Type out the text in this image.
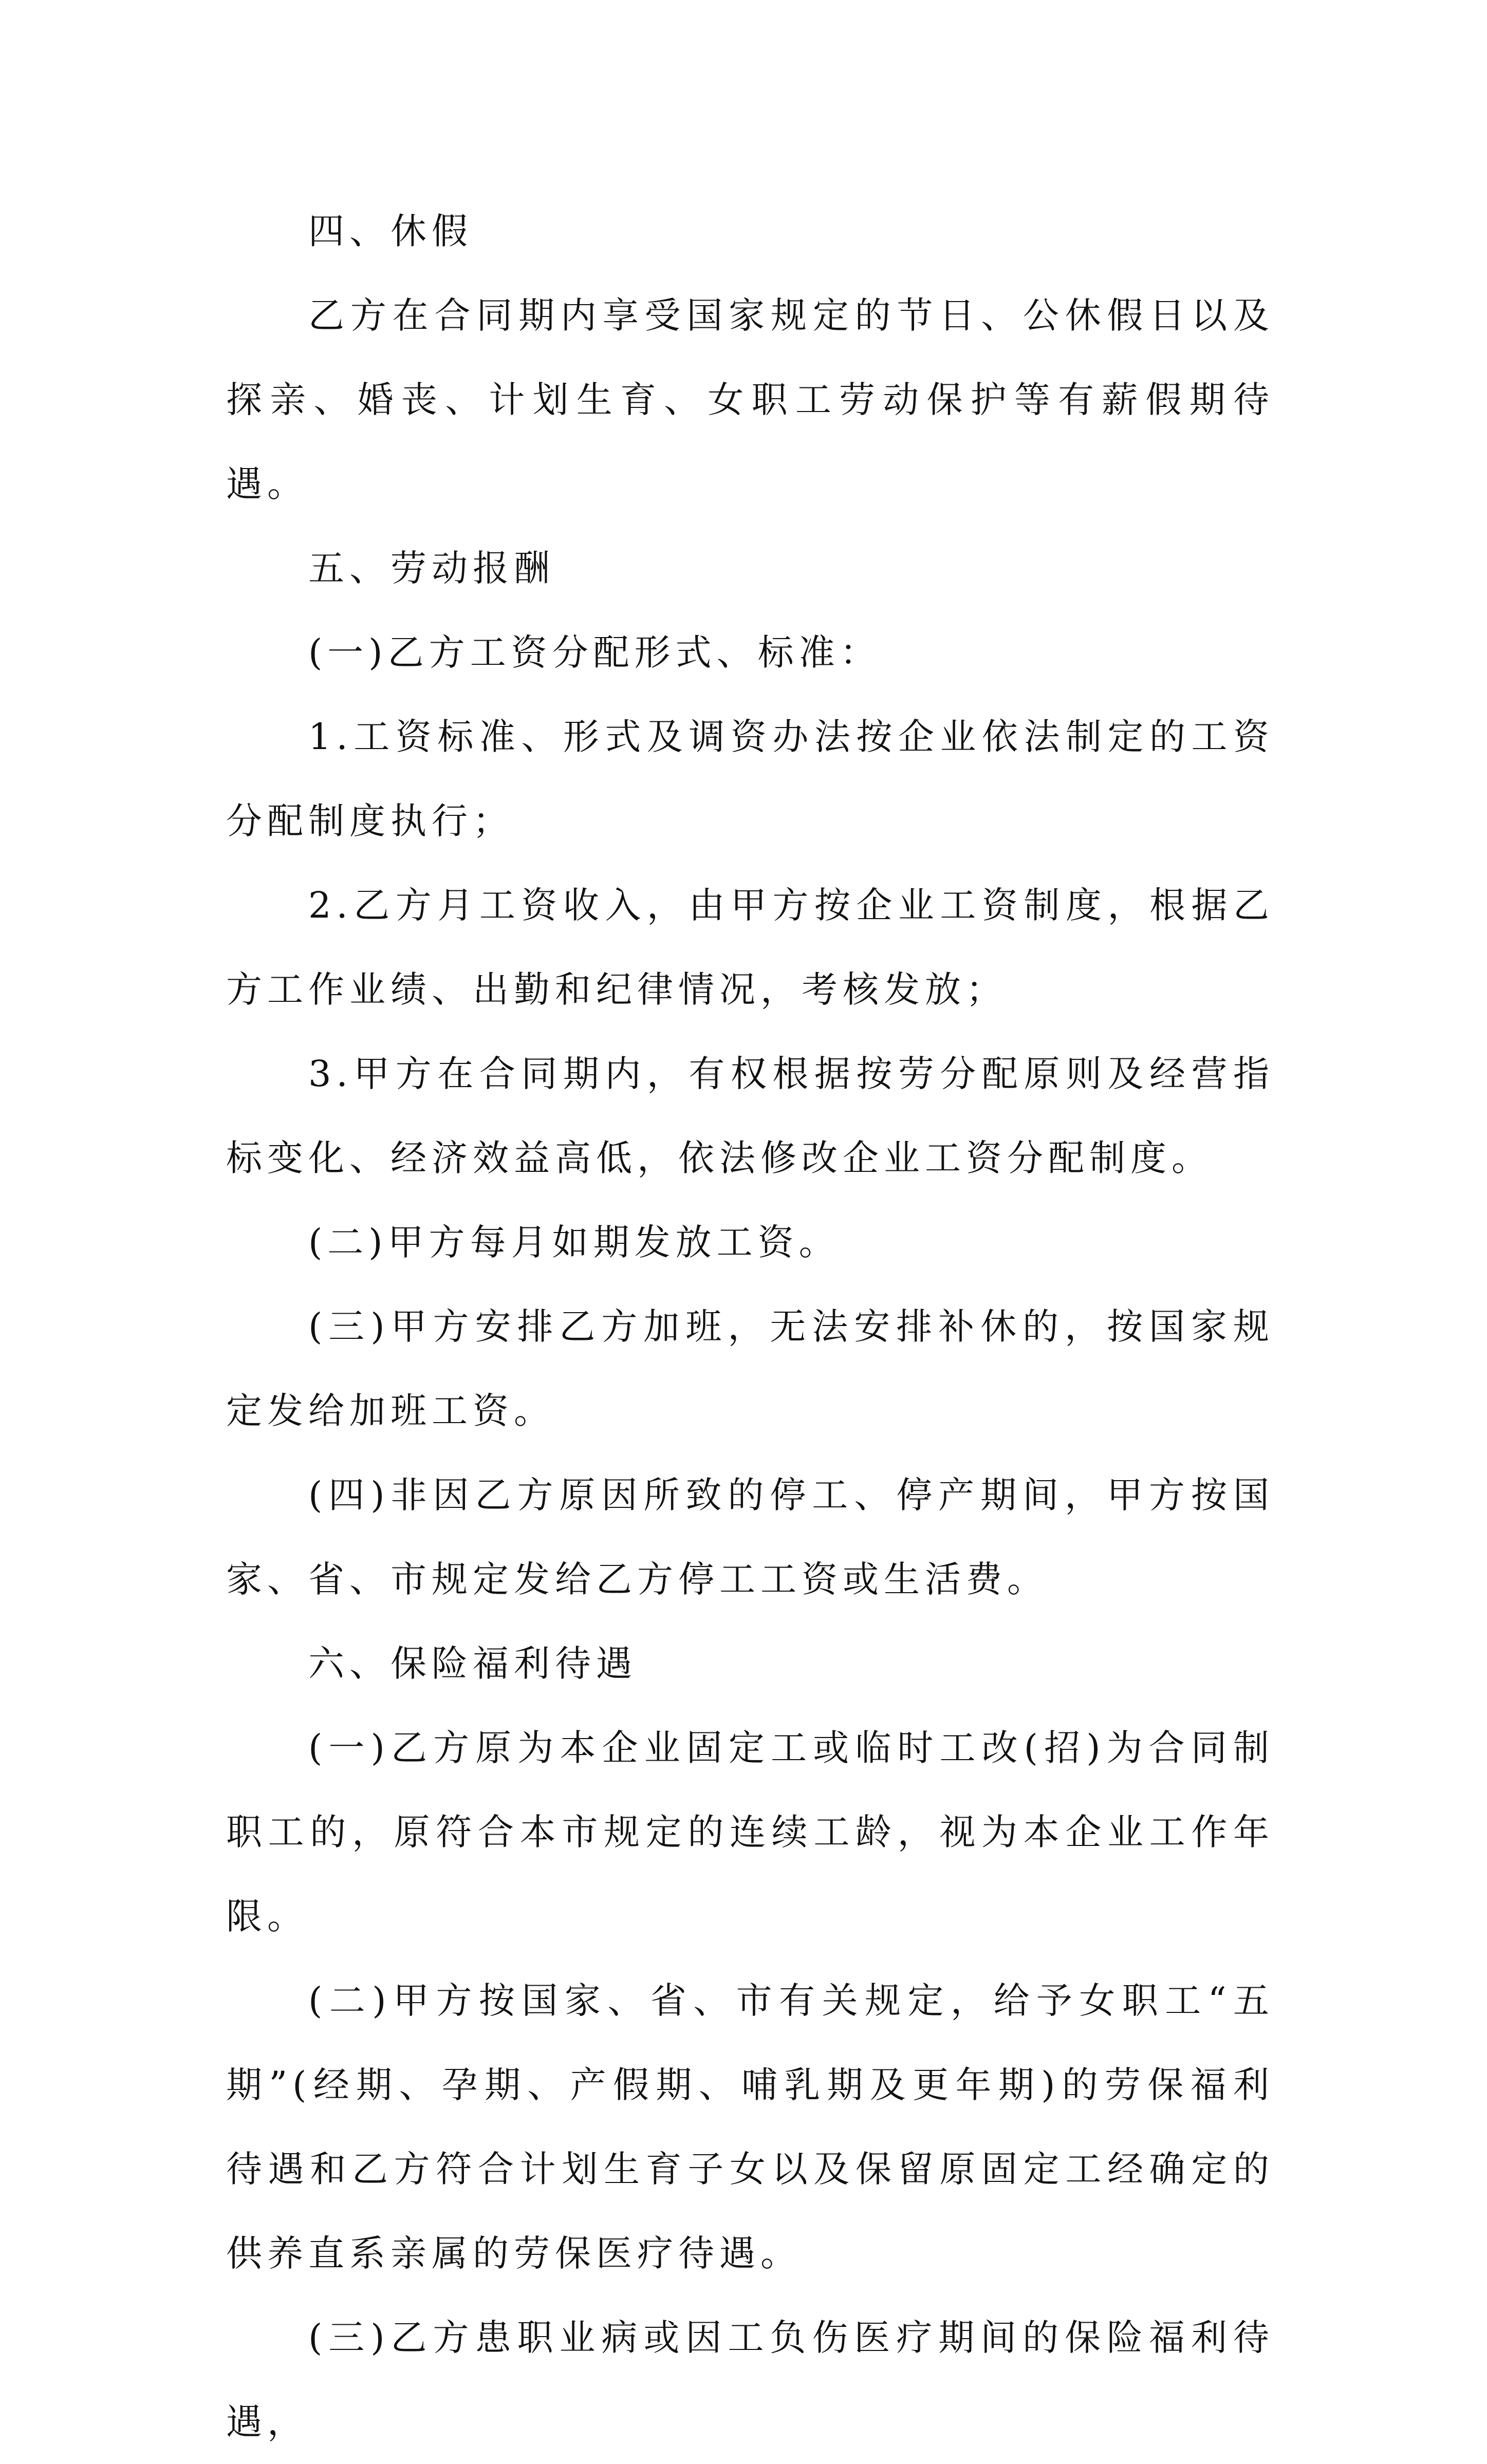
四、休假

乙方在合同期内享受国家规定的节日、公休假日以及探亲、婚丧、计划生育、女职工劳动保护等有薪假期待遇。

五、劳动报酬

(一)乙方工资分配形式、标准：

1.工资标准、形式及调资办法按企业依法制定的工资分配制度执行；

2.乙方月工资收入，由甲方按企业工资制度，根据乙方工作业绩、出勤和纪律情况，考核发放；

3.甲方在合同期内，有权根据按劳分配原则及经营指标变化、经济效益高低，依法修改企业工资分配制度。

(二)甲方每月如期发放工资。

(三)甲方安排乙方加班，无法安排补休的，按国家规定发给加班工资。

(四)非因乙方原因所致的停工、停产期间，甲方按国家、省、市规定发给乙方停工工资或生活费。

六、保险福利待遇

(一)乙方原为本企业固定工或临时工改(招)为合同制职工的，原符合本市规定的连续工龄，视为本企业工作年限。

(二)甲方按国家、省、市有关规定，给予女职工“五期”(经期、孕期、产假期、哺乳期及更年期)的劳保福利待遇和乙方符合计划生育子女以及保留原固定工经确定的供养直系亲属的劳保医疗待遇。

(三)乙方患职业病或因工负伤医疗期间的保险福利待遇，
